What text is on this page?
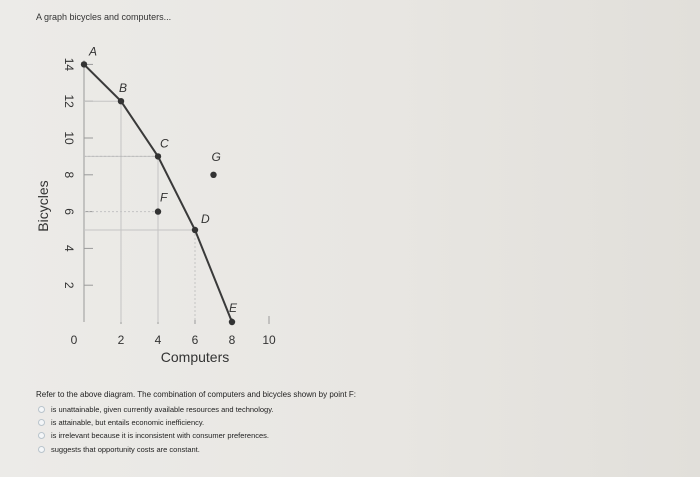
A graph bicycles and computers...
0	2	4	6	8 10
2
4
6
8
10
12
14
Computers
Bicycles
A
B
C
D
E
F
G
Refer to the above diagram. The combination of computers and bicycles shown by point F:
is unattainable, given currently available resources and technology.
is attainable, but entails economic inefficiency.
is irrelevant because it is inconsistent with consumer preferences.
suggests that opportunity costs are constant.
